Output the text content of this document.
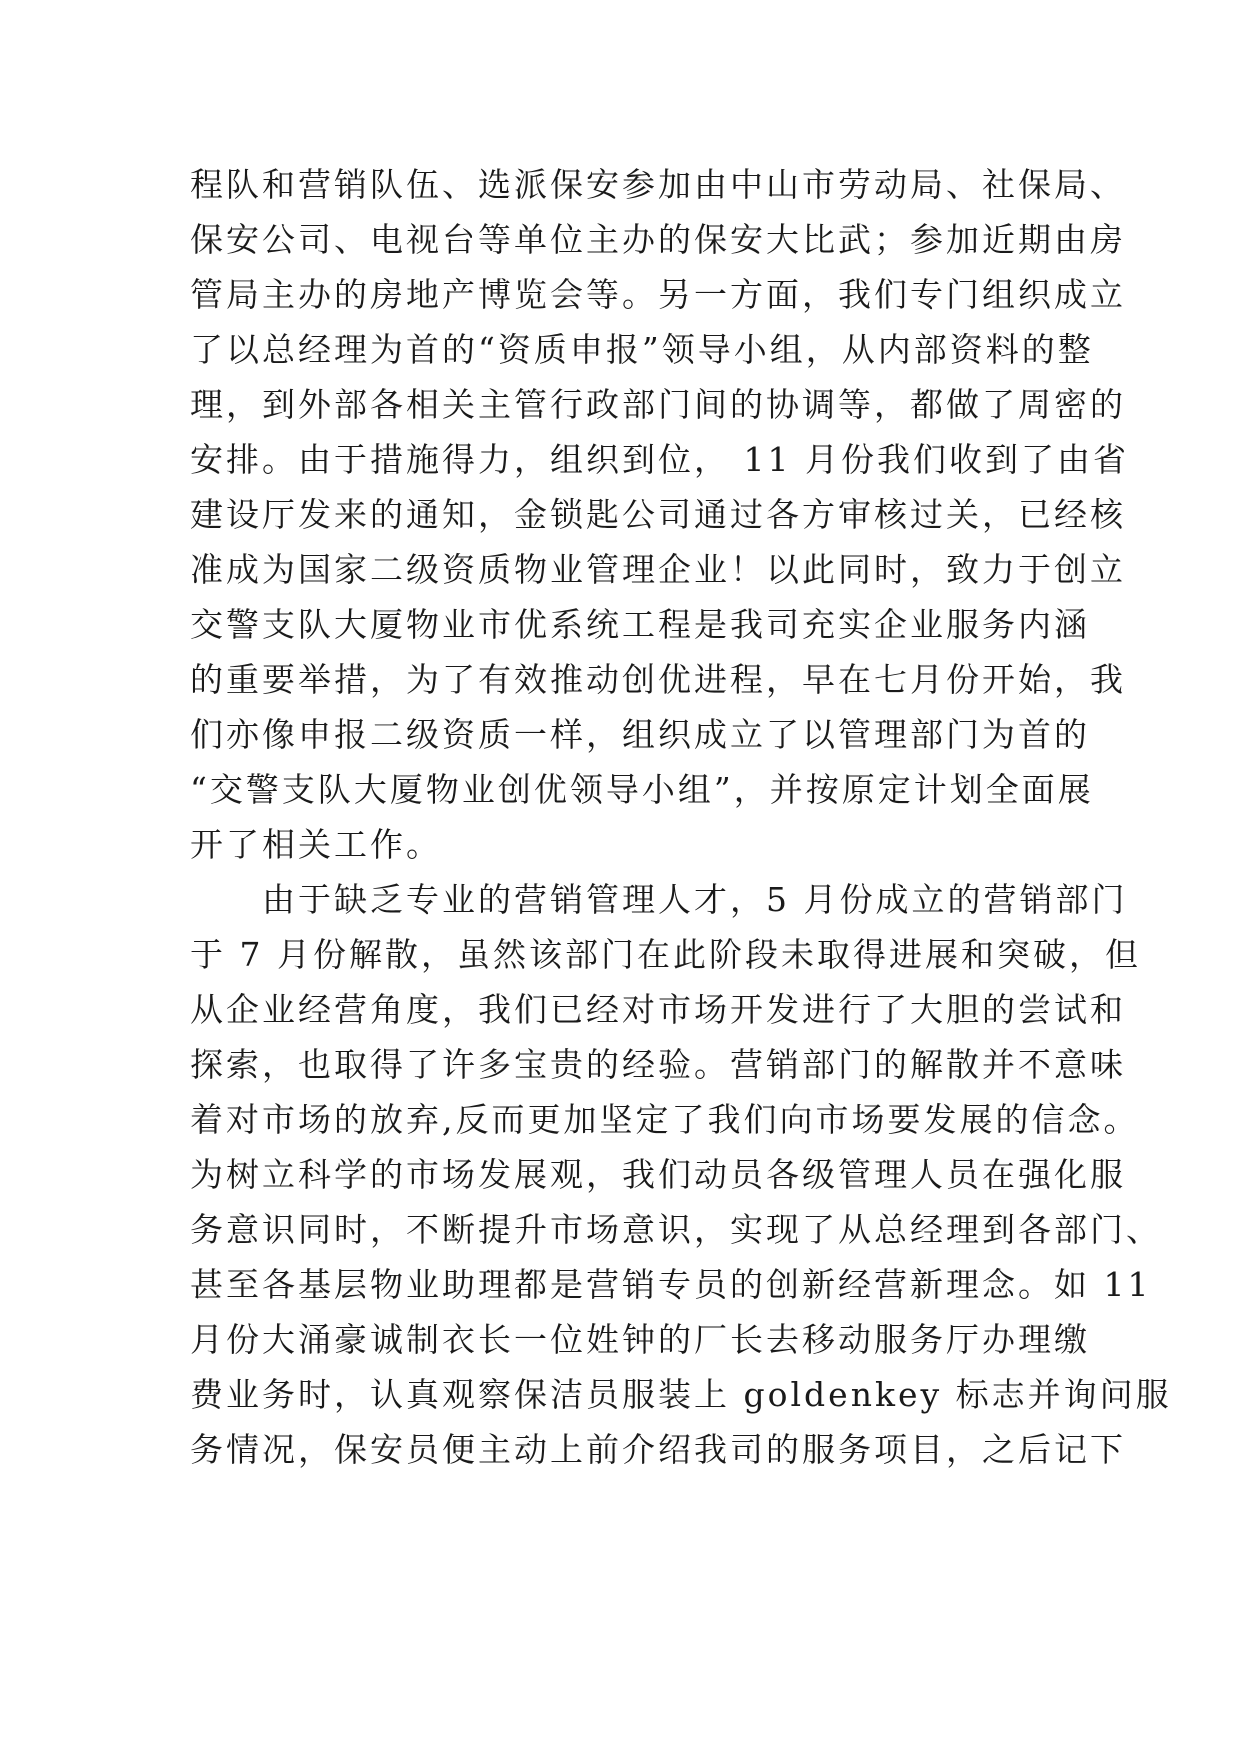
程队和营销队伍、选派保安参加由中山市劳动局、社保局、
保安公司、电视台等单位主办的保安大比武；参加近期由房
管局主办的房地产博览会等。另一方面，我们专门组织成立
了以总经理为首的“资质申报”领导小组，从内部资料的整
理，到外部各相关主管行政部门间的协调等，都做了周密的
安排。由于措施得力，组织到位， 11 月份我们收到了由省
建设厅发来的通知，金锁匙公司通过各方审核过关，已经核
准成为国家二级资质物业管理企业！以此同时，致力于创立
交警支队大厦物业市优系统工程是我司充实企业服务内涵
的重要举措，为了有效推动创优进程，早在七月份开始，我
们亦像申报二级资质一样，组织成立了以管理部门为首的
“交警支队大厦物业创优领导小组”，并按原定计划全面展
开了相关工作。
　　由于缺乏专业的营销管理人才，5 月份成立的营销部门
于 7 月份解散，虽然该部门在此阶段未取得进展和突破，但
从企业经营角度，我们已经对市场开发进行了大胆的尝试和
探索，也取得了许多宝贵的经验。营销部门的解散并不意味
着对市场的放弃,反而更加坚定了我们向市场要发展的信念。
为树立科学的市场发展观，我们动员各级管理人员在强化服
务意识同时，不断提升市场意识，实现了从总经理到各部门、
甚至各基层物业助理都是营销专员的创新经营新理念。如 11
月份大涌豪诚制衣长一位姓钟的厂长去移动服务厅办理缴
费业务时，认真观察保洁员服装上 goldenkey 标志并询问服
务情况，保安员便主动上前介绍我司的服务项目，之后记下
